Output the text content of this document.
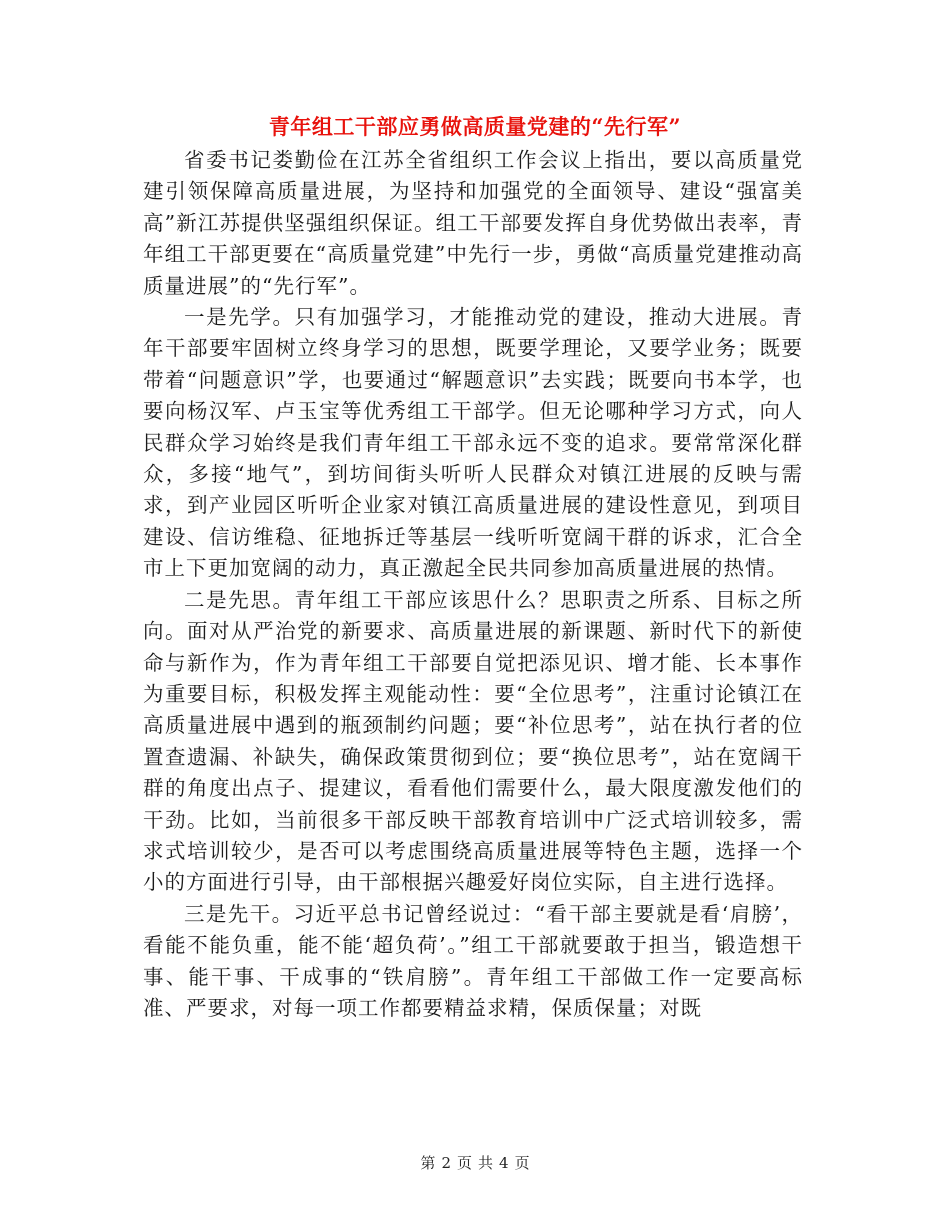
青年组工干部应勇做高质量党建的“先行军”

省委书记娄勤俭在江苏全省组织工作会议上指出，要以高质量党建引领保障高质量进展，为坚持和加强党的全面领导、建设“强富美高”新江苏提供坚强组织保证。组工干部要发挥自身优势做出表率，青年组工干部更要在“高质量党建”中先行一步，勇做“高质量党建推动高质量进展”的“先行军”。

一是先学。只有加强学习，才能推动党的建设，推动大进展。青年干部要牢固树立终身学习的思想，既要学理论，又要学业务；既要带着“问题意识”学，也要通过“解题意识”去实践；既要向书本学，也要向杨汉军、卢玉宝等优秀组工干部学。但无论哪种学习方式，向人民群众学习始终是我们青年组工干部永远不变的追求。要常常深化群众，多接“地气”，到坊间街头听听人民群众对镇江进展的反映与需求，到产业园区听听企业家对镇江高质量进展的建设性意见，到项目建设、信访维稳、征地拆迁等基层一线听听宽阔干群的诉求，汇合全市上下更加宽阔的动力，真正激起全民共同参加高质量进展的热情。

二是先思。青年组工干部应该思什么？思职责之所系、目标之所向。面对从严治党的新要求、高质量进展的新课题、新时代下的新使命与新作为，作为青年组工干部要自觉把添见识、增才能、长本事作为重要目标，积极发挥主观能动性：要“全位思考”，注重讨论镇江在高质量进展中遇到的瓶颈制约问题；要“补位思考”，站在执行者的位置查遗漏、补缺失，确保政策贯彻到位；要“换位思考”，站在宽阔干群的角度出点子、提建议，看看他们需要什么，最大限度激发他们的干劲。比如，当前很多干部反映干部教育培训中广泛式培训较多，需求式培训较少，是否可以考虑围绕高质量进展等特色主题，选择一个小的方面进行引导，由干部根据兴趣爱好岗位实际，自主进行选择。

三是先干。习近平总书记曾经说过：“看干部主要就是看‘肩膀’，看能不能负重，能不能‘超负荷’。”组工干部就要敢于担当，锻造想干事、能干事、干成事的“铁肩膀”。青年组工干部做工作一定要高标准、严要求，对每一项工作都要精益求精，保质保量；对既

第 2 页 共 4 页
